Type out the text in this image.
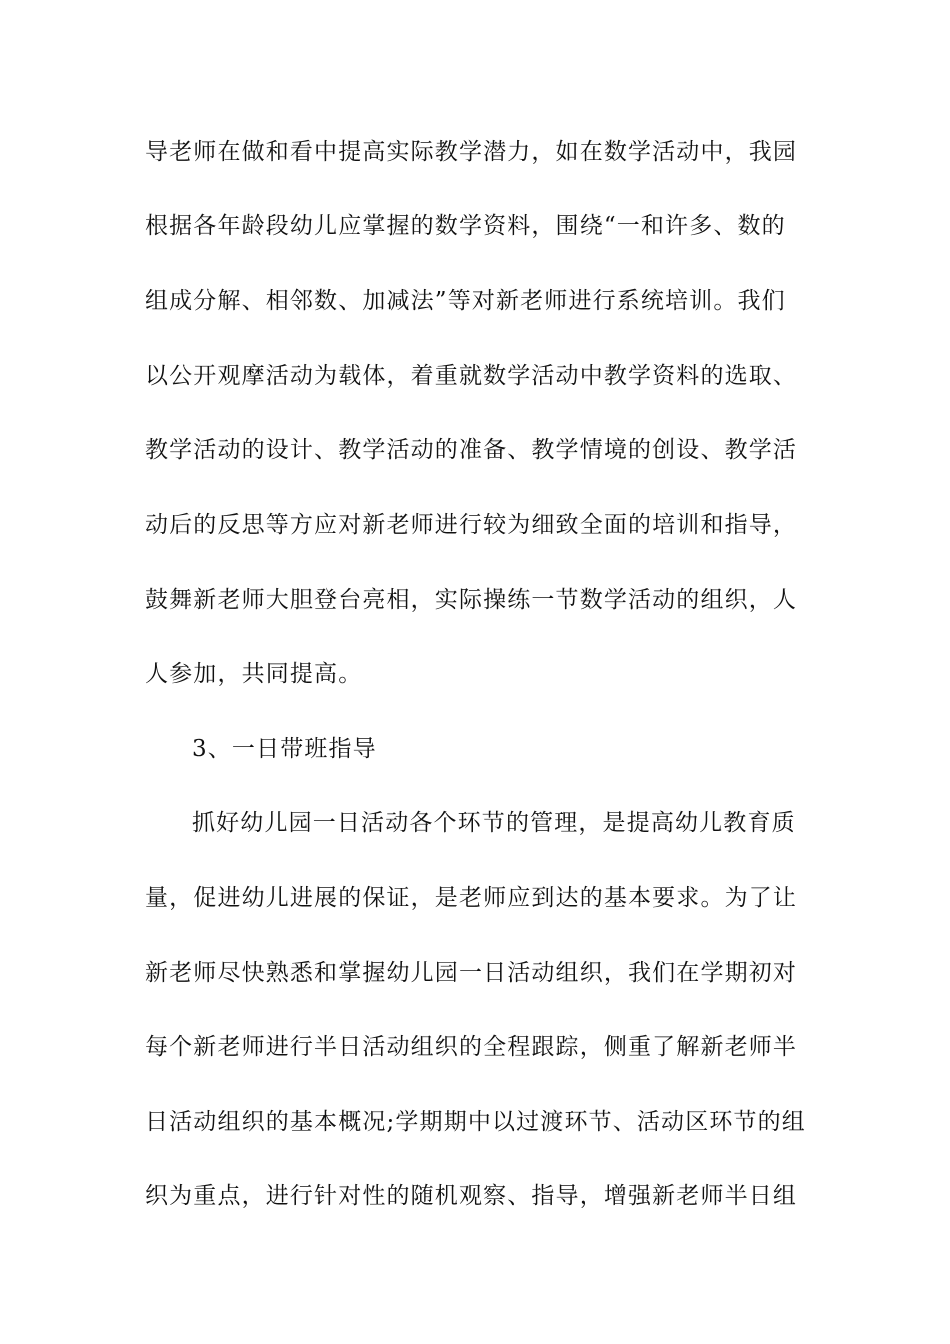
导老师在做和看中提高实际教学潜力，如在数学活动中，我园
根据各年龄段幼儿应掌握的数学资料，围绕“一和许多、数的
组成分解、相邻数、加减法”等对新老师进行系统培训。我们
以公开观摩活动为载体，着重就数学活动中教学资料的选取、
教学活动的设计、教学活动的准备、教学情境的创设、教学活
动后的反思等方应对新老师进行较为细致全面的培训和指导，
鼓舞新老师大胆登台亮相，实际操练一节数学活动的组织，人
人参加，共同提高。
3、一日带班指导
抓好幼儿园一日活动各个环节的管理，是提高幼儿教育质
量，促进幼儿进展的保证，是老师应到达的基本要求。为了让
新老师尽快熟悉和掌握幼儿园一日活动组织，我们在学期初对
每个新老师进行半日活动组织的全程跟踪，侧重了解新老师半
日活动组织的基本概况;学期期中以过渡环节、活动区环节的组
织为重点，进行针对性的随机观察、指导，增强新老师半日组
